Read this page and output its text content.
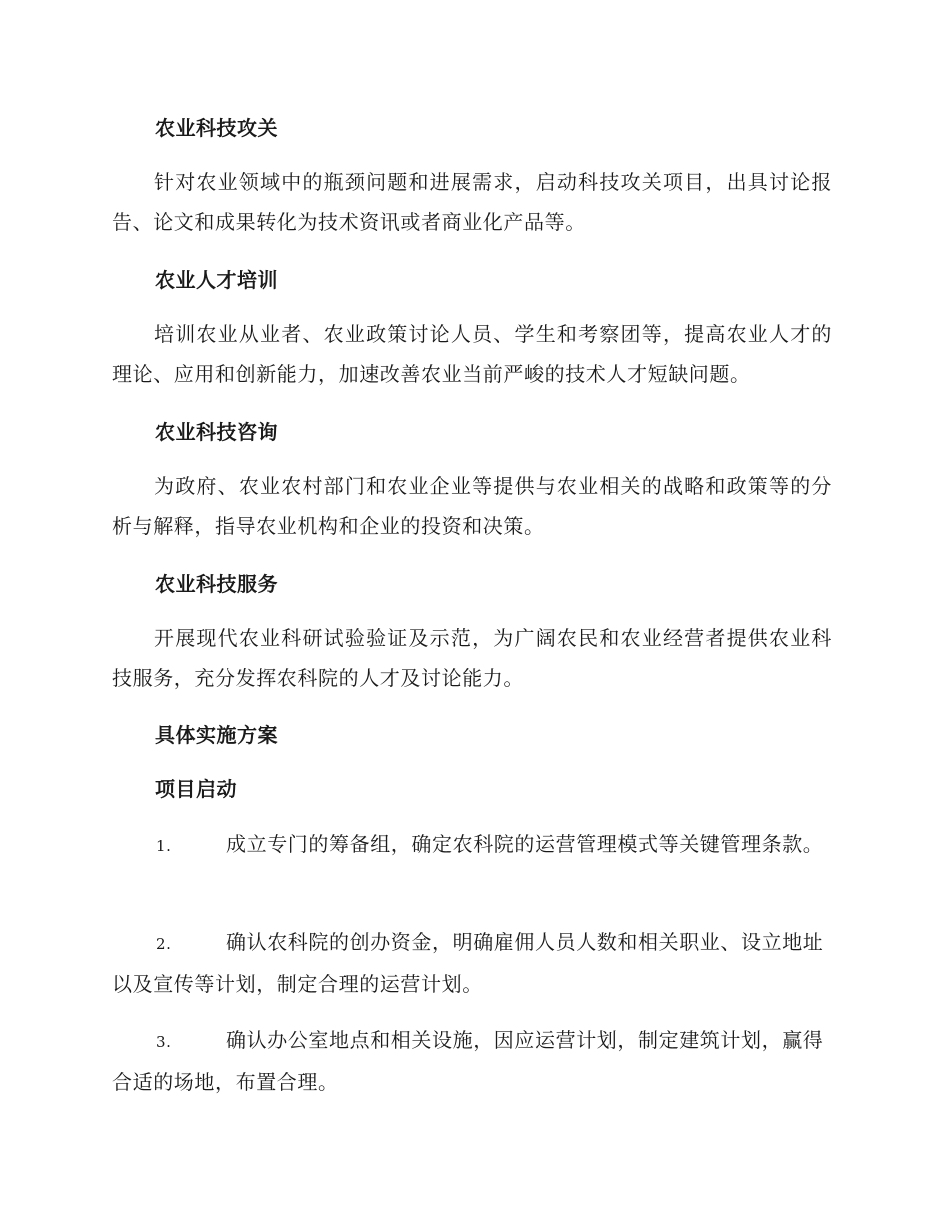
农业科技攻关
针对农业领域中的瓶颈问题和进展需求，启动科技攻关项目，出具讨论报告、论文和成果转化为技术资讯或者商业化产品等。
农业人才培训
培训农业从业者、农业政策讨论人员、学生和考察团等，提高农业人才的理论、应用和创新能力，加速改善农业当前严峻的技术人才短缺问题。
农业科技咨询
为政府、农业农村部门和农业企业等提供与农业相关的战略和政策等的分析与解释，指导农业机构和企业的投资和决策。
农业科技服务
开展现代农业科研试验验证及示范，为广阔农民和农业经营者提供农业科技服务，充分发挥农科院的人才及讨论能力。
具体实施方案
项目启动
1.	成立专门的筹备组，确定农科院的运营管理模式等关键管理条款。
2.	确认农科院的创办资金，明确雇佣人员人数和相关职业、设立地址以及宣传等计划，制定合理的运营计划。
3.	确认办公室地点和相关设施，因应运营计划，制定建筑计划，赢得合适的场地，布置合理。
